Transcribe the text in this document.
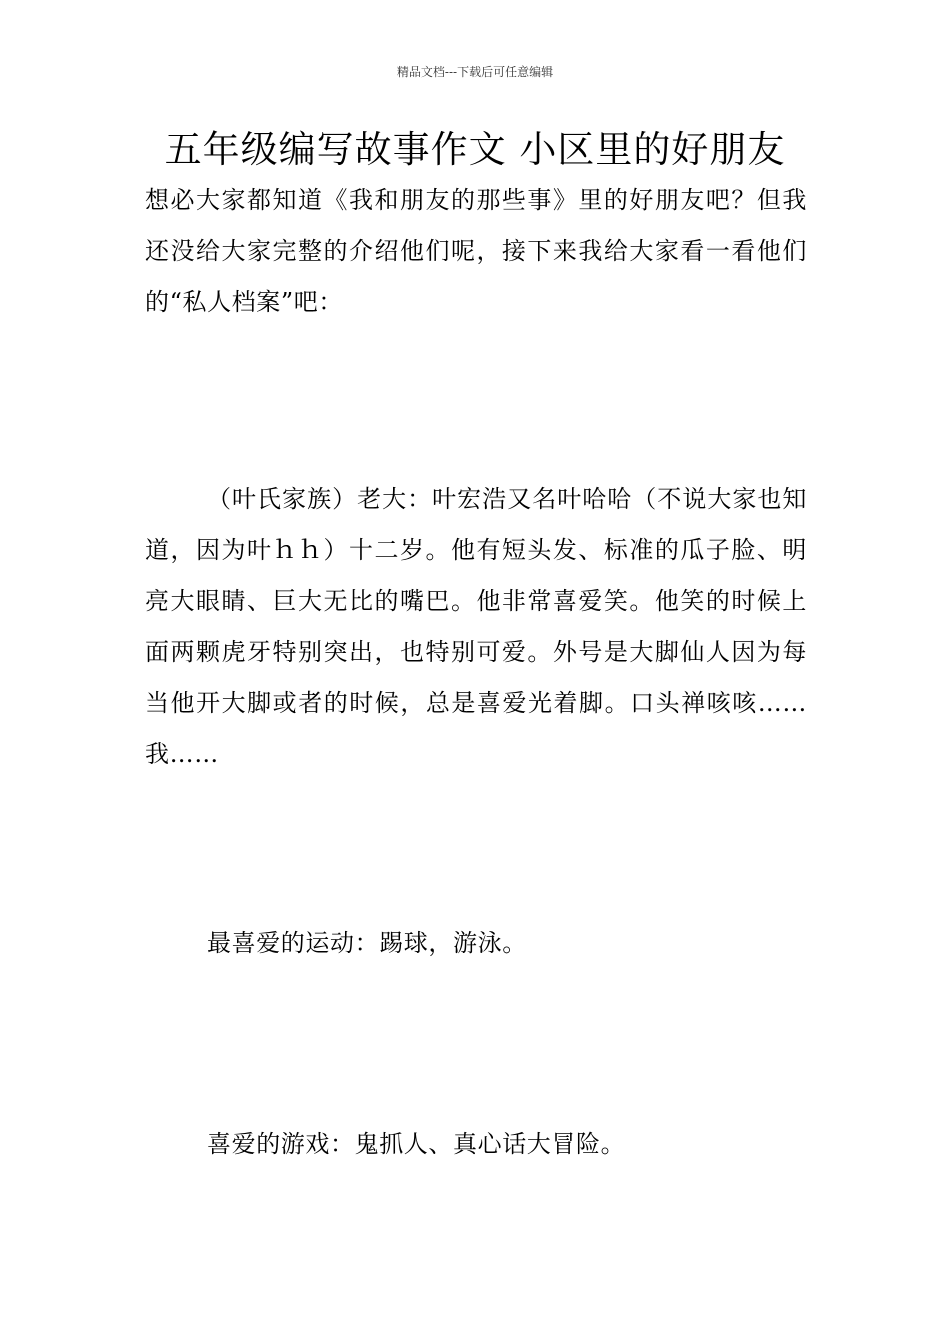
精品文档---下载后可任意编辑
五年级编写故事作文 小区里的好朋友

想必大家都知道《我和朋友的那些事》里的好朋友吧？但我还没给大家完整的介绍他们呢，接下来我给大家看一看他们的“私人档案”吧：

（叶氏家族）老大：叶宏浩又名叶哈哈（不说大家也知道，因为叶ｈｈ）十二岁。他有短头发、标准的瓜子脸、明亮大眼睛、巨大无比的嘴巴。他非常喜爱笑。他笑的时候上面两颗虎牙特别突出，也特别可爱。外号是大脚仙人因为每当他开大脚或者的时候，总是喜爱光着脚。口头禅咳咳……我……

最喜爱的运动：踢球，游泳。

喜爱的游戏：鬼抓人、真心话大冒险。
